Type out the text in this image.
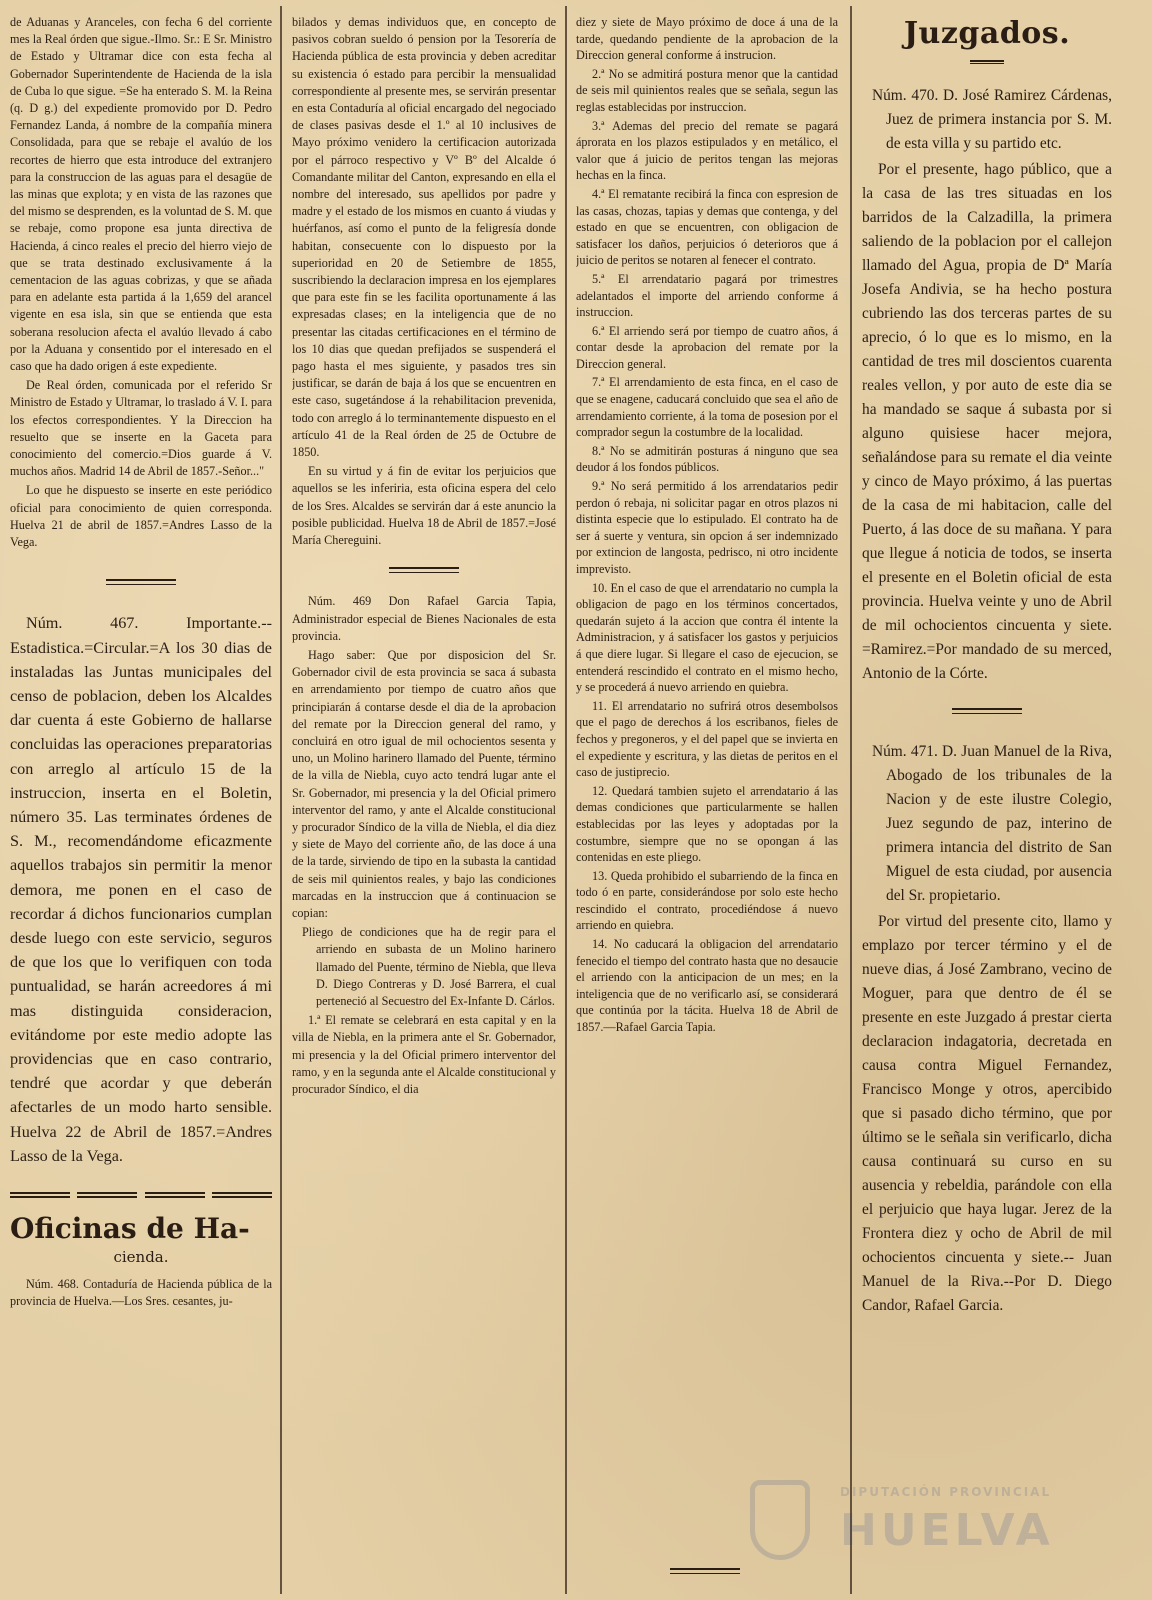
de Aduanas y Aranceles, con fecha 6 del corriente mes la Real órden que sigue.-Ilmo. Sr.: E Sr. Ministro de Estado y Ultramar dice con esta fecha al Gobernador Superintendente de Hacienda de la isla de Cuba lo que sigue. =Se ha enterado S. M. la Reina (q. D g.) del expediente promovido por D. Pedro Fernandez Landa, á nombre de la compañía minera Consolidada, para que se rebaje el avalúo de los recortes de hierro que esta introduce del extranjero para la construccion de las aguas para el desagüe de las minas que explota; y en vista de las razones que del mismo se desprenden, es la voluntad de S. M. que se rebaje, como propone esa junta directiva de Hacienda, á cinco reales el precio del hierro viejo de que se trata destinado exclusivamente á la cementacion de las aguas cobrizas, y que se añada para en adelante esta partida á la 1,659 del arancel vigente en esa isla, sin que se entienda que esta soberana resolucion afecta el avalúo llevado á cabo por la Aduana y consentido por el interesado en el caso que ha dado origen á este expediente.

De Real órden, comunicada por el referido Sr Ministro de Estado y Ultramar, lo traslado á V. I. para los efectos correspondientes. Y la Direccion ha resuelto que se inserte en la Gaceta para conocimiento del comercio.=Dios guarde á V. muchos años. Madrid 14 de Abril de 1857.-Señor..."

Lo que he dispuesto se inserte en este periódico oficial para conocimiento de quien corresponda. Huelva 21 de abril de 1857.=Andres Lasso de la Vega.

Núm. 467. Importante.--Estadistica.=Circular.=A los 30 dias de instaladas las Juntas municipales del censo de poblacion, deben los Alcaldes dar cuenta á este Gobierno de hallarse concluidas las operaciones preparatorias con arreglo al artículo 15 de la instruccion, inserta en el Boletin, número 35. Las terminates órdenes de S. M., recomendándome eficazmente aquellos trabajos sin permitir la menor demora, me ponen en el caso de recordar á dichos funcionarios cumplan desde luego con este servicio, seguros de que los que lo verifiquen con toda puntualidad, se harán acreedores á mi mas distinguida consideracion, evitándome por este medio adopte las providencias que en caso contrario, tendré que acordar y que deberán afectarles de un modo harto sensible. Huelva 22 de Abril de 1857.=Andres Lasso de la Vega.

Oficinas de Ha-
cienda.

Núm. 468. Contaduría de Hacienda pública de la provincia de Huelva.—Los Sres. cesantes, ju-

bilados y demas individuos que, en concepto de pasivos cobran sueldo ó pension por la Tesorería de Hacienda pública de esta provincia y deben acreditar su existencia ó estado para percibir la mensualidad correspondiente al presente mes, se servirán presentar en esta Contaduría al oficial encargado del negociado de clases pasivas desde el 1.º al 10 inclusives de Mayo próximo venidero la certificacion autorizada por el párroco respectivo y Vº Bº del Alcalde ó Comandante militar del Canton, expresando en ella el nombre del interesado, sus apellidos por padre y madre y el estado de los mismos en cuanto á viudas y huérfanos, así como el punto de la feligresía donde habitan, consecuente con lo dispuesto por la superioridad en 20 de Setiembre de 1855, suscribiendo la declaracion impresa en los ejemplares que para este fin se les facilita oportunamente á las expresadas clases; en la inteligencia que de no presentar las citadas certificaciones en el término de los 10 dias que quedan prefijados se suspenderá el pago hasta el mes siguiente, y pasados tres sin justificar, se darán de baja á los que se encuentren en este caso, sugetándose á la rehabilitacion prevenida, todo con arreglo á lo terminantemente dispuesto en el artículo 41 de la Real órden de 25 de Octubre de 1850.

En su virtud y á fin de evitar los perjuicios que aquellos se les inferiria, esta oficina espera del celo de los Sres. Alcaldes se servirán dar á este anuncio la posible publicidad. Huelva 18 de Abril de 1857.=José María Chereguini.

Núm. 469 Don Rafael Garcia Tapia, Administrador especial de Bienes Nacionales de esta provincia.

Hago saber: Que por disposicion del Sr. Gobernador civil de esta provincia se saca á subasta en arrendamiento por tiempo de cuatro años que principiarán á contarse desde el dia de la aprobacion del remate por la Direccion general del ramo, y concluirá en otro igual de mil ochocientos sesenta y uno, un Molino harinero llamado del Puente, término de la villa de Niebla, cuyo acto tendrá lugar ante el Sr. Gobernador, mi presencia y la del Oficial primero interventor del ramo, y ante el Alcalde constitucional y procurador Síndico de la villa de Niebla, el dia diez y siete de Mayo del corriente año, de las doce á una de la tarde, sirviendo de tipo en la subasta la cantidad de seis mil quinientos reales, y bajo las condiciones marcadas en la instruccion que á continuacion se copian:

Pliego de condiciones que ha de regir para el arriendo en subasta de un Molino harinero llamado del Puente, término de Niebla, que lleva D. Diego Contreras y D. José Barrera, el cual perteneció al Secuestro del Ex-Infante D. Cárlos.

1.ª El remate se celebrará en esta capital y en la villa de Niebla, en la primera ante el Sr. Gobernador, mi presencia y la del Oficial primero interventor del ramo, y en la segunda ante el Alcalde constitucional y procurador Síndico, el dia

diez y siete de Mayo próximo de doce á una de la tarde, quedando pendiente de la aprobacion de la Direccion general conforme á instrucion.

2.ª No se admitirá postura menor que la cantidad de seis mil quinientos reales que se señala, segun las reglas establecidas por instruccion.

3.ª Ademas del precio del remate se pagará áprorata en los plazos estipulados y en metálico, el valor que á juicio de peritos tengan las mejoras hechas en la finca.

4.ª El rematante recibirá la finca con espresion de las casas, chozas, tapias y demas que contenga, y del estado en que se encuentren, con obligacion de satisfacer los daños, perjuicios ó deterioros que á juicio de peritos se notaren al fenecer el contrato.

5.ª El arrendatario pagará por trimestres adelantados el importe del arriendo conforme á instruccion.

6.ª El arriendo será por tiempo de cuatro años, á contar desde la aprobacion del remate por la Direccion general.

7.ª El arrendamiento de esta finca, en el caso de que se enagene, caducará concluido que sea el año de arrendamiento corriente, á la toma de posesion por el comprador segun la costumbre de la localidad.

8.ª No se admitirán posturas á ninguno que sea deudor á los fondos públicos.

9.ª No será permitido á los arrendatarios pedir perdon ó rebaja, ni solicitar pagar en otros plazos ni distinta especie que lo estipulado. El contrato ha de ser á suerte y ventura, sin opcion á ser indemnizado por extincion de langosta, pedrisco, ni otro incidente imprevisto.

10. En el caso de que el arrendatario no cumpla la obligacion de pago en los términos concertados, quedarán sujeto á la accion que contra él intente la Administracion, y á satisfacer los gastos y perjuicios á que diere lugar. Si llegare el caso de ejecucion, se entenderá rescindido el contrato en el mismo hecho, y se procederá á nuevo arriendo en quiebra.

11. El arrendatario no sufrirá otros desembolsos que el pago de derechos á los escribanos, fieles de fechos y pregoneros, y el del papel que se invierta en el expediente y escritura, y las dietas de peritos en el caso de justiprecio.

12. Quedará tambien sujeto el arrendatario á las demas condiciones que particularmente se hallen establecidas por las leyes y adoptadas por la costumbre, siempre que no se opongan á las contenidas en este pliego.

13. Queda prohibido el subarriendo de la finca en todo ó en parte, considerándose por solo este hecho rescindido el contrato, procediéndose á nuevo arriendo en quiebra.

14. No caducará la obligacion del arrendatario fenecido el tiempo del contrato hasta que no desaucie el arriendo con la anticipacion de un mes; en la inteligencia que de no verificarlo así, se considerará que continúa por la tácita. Huelva 18 de Abril de 1857.—Rafael Garcia Tapia.

Juzgados.

Núm. 470. D. José Ramirez Cárdenas, Juez de primera instancia por S. M. de esta villa y su partido etc.

Por el presente, hago público, que a la casa de las tres situadas en los barridos de la Calzadilla, la primera saliendo de la poblacion por el callejon llamado del Agua, propia de Dª María Josefa Andivia, se ha hecho postura cubriendo las dos terceras partes de su aprecio, ó lo que es lo mismo, en la cantidad de tres mil doscientos cuarenta reales vellon, y por auto de este dia se ha mandado se saque á subasta por si alguno quisiese hacer mejora, señalándose para su remate el dia veinte y cinco de Mayo próximo, á las puertas de la casa de mi habitacion, calle del Puerto, á las doce de su mañana. Y para que llegue á noticia de todos, se inserta el presente en el Boletin oficial de esta provincia. Huelva veinte y uno de Abril de mil ochocientos cincuenta y siete. =Ramirez.=Por mandado de su merced, Antonio de la Córte.

Núm. 471. D. Juan Manuel de la Riva, Abogado de los tribunales de la Nacion y de este ilustre Colegio, Juez segundo de paz, interino de primera intancia del distrito de San Miguel de esta ciudad, por ausencia del Sr. propietario.

Por virtud del presente cito, llamo y emplazo por tercer término y el de nueve dias, á José Zambrano, vecino de Moguer, para que dentro de él se presente en este Juzgado á prestar cierta declaracion indagatoria, decretada en causa contra Miguel Fernandez, Francisco Monge y otros, apercibido que si pasado dicho término, que por último se le señala sin verificarlo, dicha causa continuará su curso en su ausencia y rebeldia, parándole con ella el perjuicio que haya lugar. Jerez de la Frontera diez y ocho de Abril de mil ochocientos cincuenta y siete.-- Juan Manuel de la Riva.--Por D. Diego Candor, Rafael Garcia.

DIPUTACIÓN PROVINCIAL
HUELVA
